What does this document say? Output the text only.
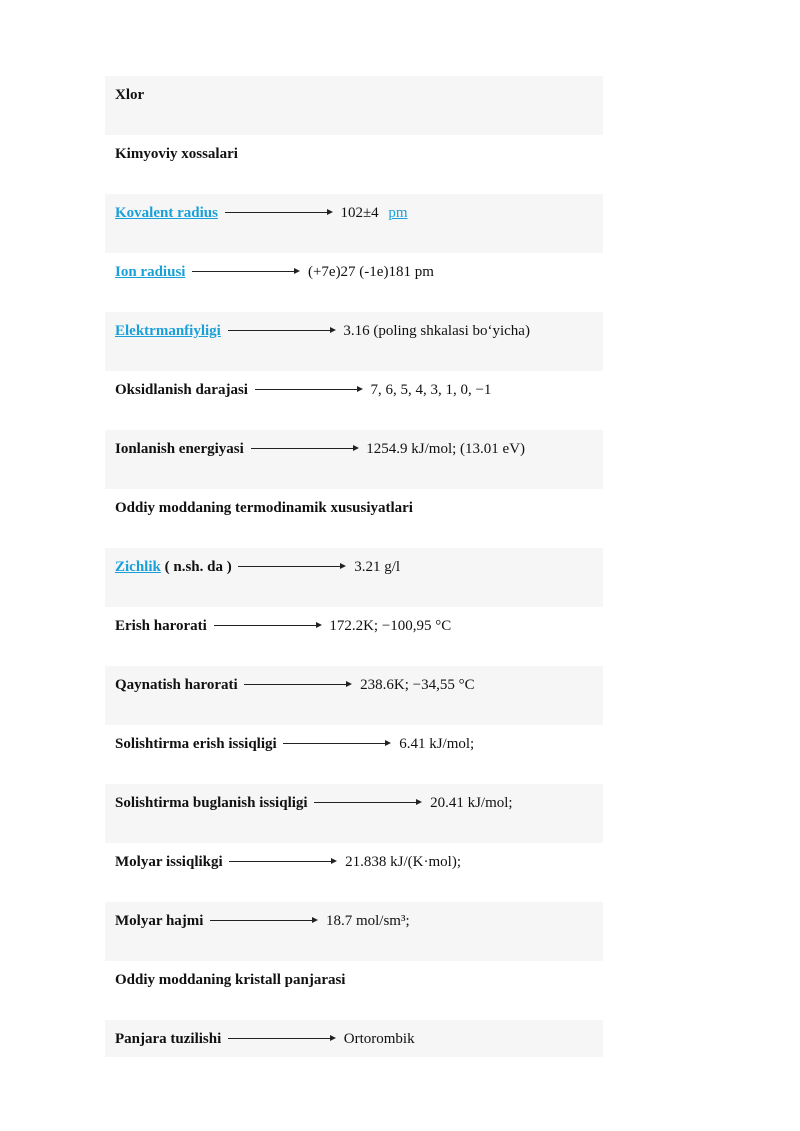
Xlor
Kimyoviy xossalari
Kovalent radius	102±4 pm
Ion radiusi	(+7e)27 (-1e)181 pm
Elektrmanfiyligi	3.16 (poling shkalasi bo‘yicha)
Oksidlanish darajasi	7, 6, 5, 4, 3, 1, 0, −1
Ionlanish energiyasi	1254.9 kJ/mol; (13.01 eV)
Oddiy moddaning termodinamik xususiyatlari
Zichlik ( n.sh. da )	3.21 g/l
Erish harorati	172.2K; −100,95 °C
Qaynatish harorati	238.6K; −34,55 °C
Solishtirma erish issiqligi	6.41 kJ/mol;
Solishtirma buglanish issiqligi	20.41 kJ/mol;
Molyar issiqlikgi	21.838 kJ/(K·mol);
Molyar hajmi	18.7 mol/sm³;
Oddiy moddaning kristall panjarasi
Panjara tuzilishi	Ortorombik
